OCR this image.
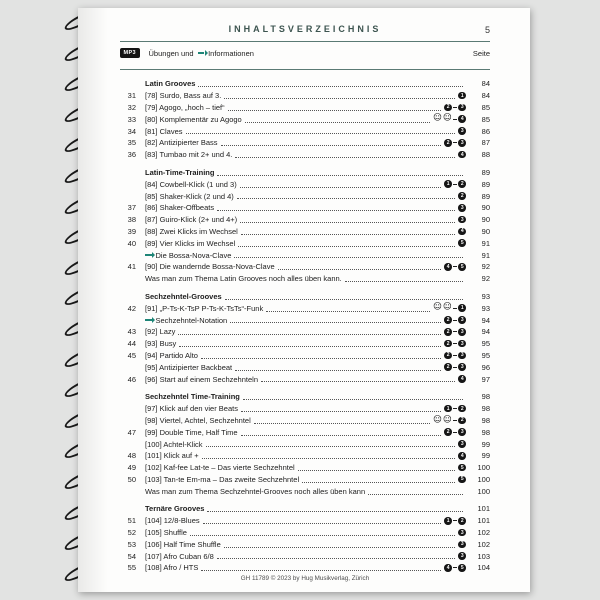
INHALTSVERZEICHNIS	5
MP3	Übungen und Informationen	Seite
Latin Grooves	84
31 [78] Surdo, Bass auf 3.	1	84
32 [79] Agogo, „hoch – tief“	2	3	85
33 [80] Komplementär zu Agogo	☺ ☺	4	85
34 [81] Claves	3	86
35 [82] Antizipierter Bass	2	3	87
36 [83] Tumbao mit 2+ und 4.	4	88
Latin-Time-Training	89
[84] Cowbell-Klick (1 und 3)	1	2	89
[85] Shaker-Klick (2 und 4)	2	89
37 [86] Shaker-Offbeats	3	90
38 [87] Guiro-Klick (2+ und 4+)	3	90
39 [88] Zwei Klicks im Wechsel	4	90
40 [89] Vier Klicks im Wechsel	5	91
Die Bossa-Nova-Clave	91
41 [90] Die wandernde Bossa-Nova-Clave	4	5	92
Was man zum Thema Latin Grooves noch alles üben kann.	92
Sechzehntel-Grooves	93
42 [91] „P-Ts-K-TsP P-Ts-K-TsTs“-Funk	☺ ☺	1	93
Sechzehntel-Notation	2	3	94
43 [92] Lazy	2	3	94
44 [93] Busy	2	3	95
45 [94] Partido Alto	2	3	95
[95] Antizipierter Backbeat	2	3	96
46 [96] Start auf einem Sechzehnteln	4	97
Sechzehntel Time-Training	98
[97] Klick auf den vier Beats	1	2	98
[98] Viertel, Achtel, Sechzehntel	☺ ☺	2	98
47 [99] Double Time, Half Time	2	3	98
[100] Achtel-Klick	3	99
48 [101] Klick auf +	4	99
49 [102] Kaf-fee Lat-te – Das vierte Sechzehntel	5	100
50 [103] Tan-te Em-ma – Das zweite Sechzehntel	5	100
Was man zum Thema Sechzehntel-Grooves noch alles üben kann	100
Ternäre Grooves	101
51 [104] 12/8-Blues	1	2	101
52 [105] Shuffle	3	102
53 [106] Half Time Shuffle	3	102
54 [107] Afro Cuban 6/8	3	103
55 [108] Afro / HTS	4	5	104
GH 11789 © 2023 by Hug Musikverlag, Zürich
